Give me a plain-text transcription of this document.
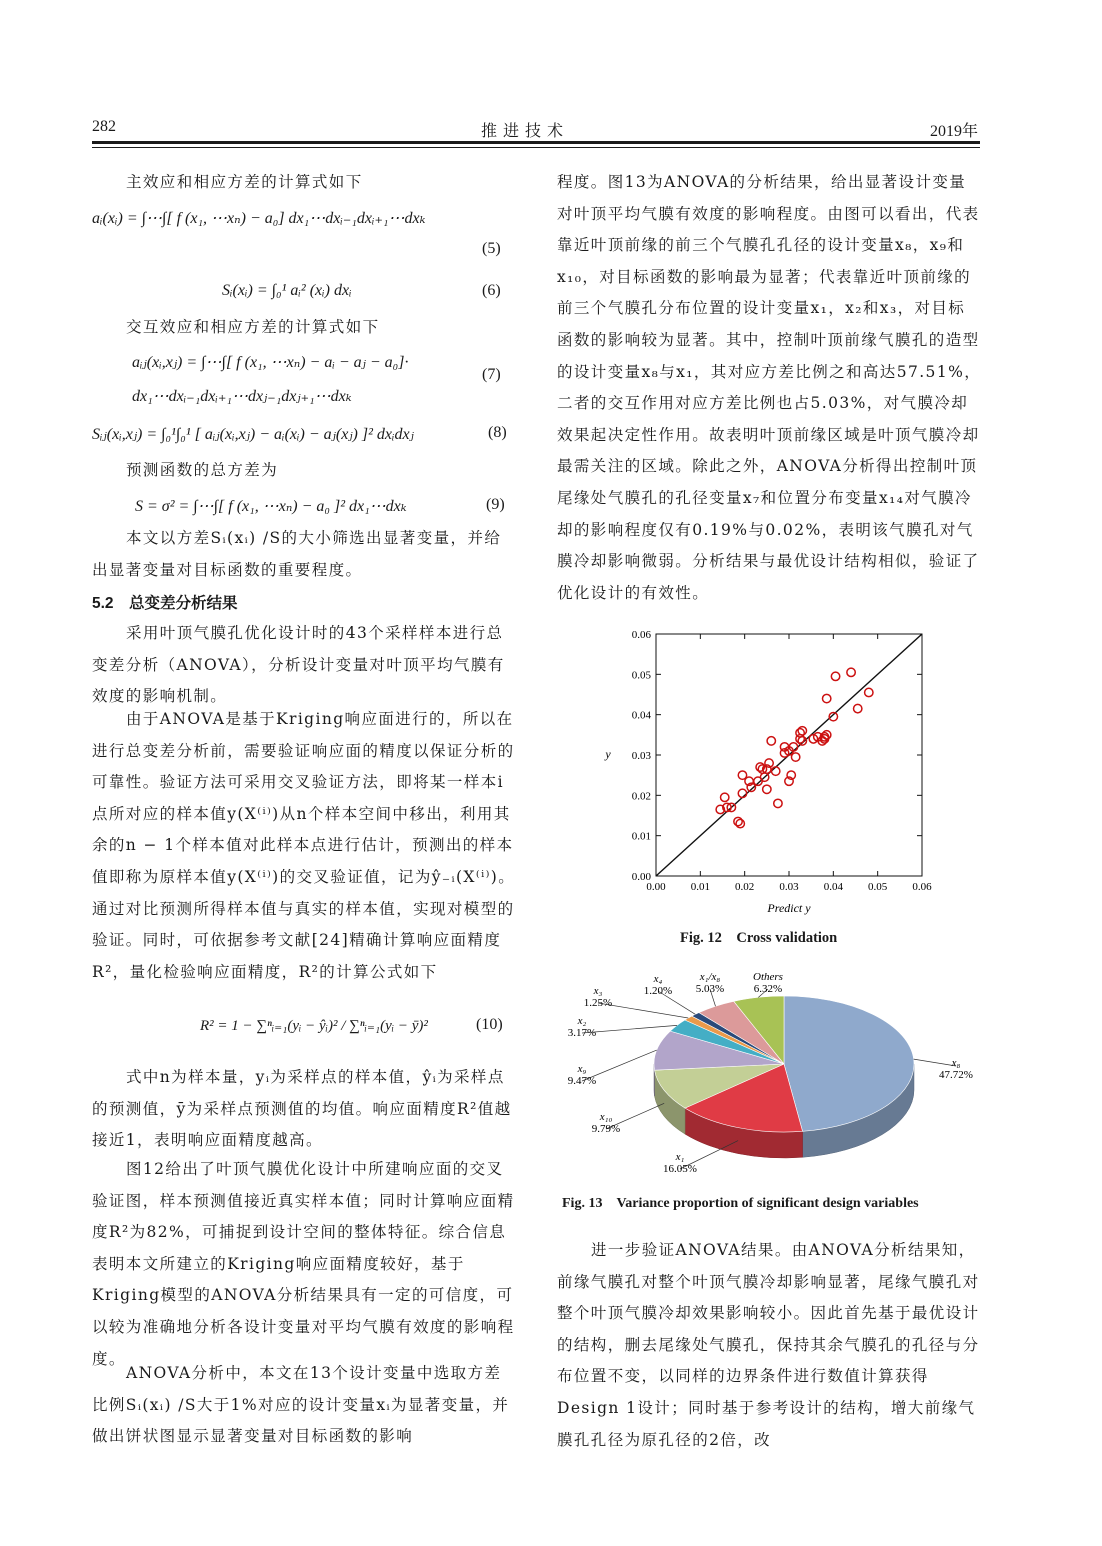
282	推 进 技 术	2019年

主效应和相应方差的计算式如下

aᵢ(xᵢ) = ∫⋯∫[ f (x₁, ⋯xₙ) − a₀] dx₁⋯dxᵢ₋₁dxᵢ₊₁⋯dxₖ
(5)
Sᵢ(xᵢ) = ∫₀¹ aᵢ² (xᵢ) dxᵢ	(6)

交互效应和相应方差的计算式如下

aᵢⱼ(xᵢ,xⱼ) = ∫⋯∫[ f (x₁, ⋯xₙ) − aᵢ − aⱼ − a₀]·
dx₁⋯dxᵢ₋₁dxᵢ₊₁⋯dxⱼ₋₁dxⱼ₊₁⋯dxₖ
(7)
Sᵢⱼ(xᵢ,xⱼ) = ∫₀¹∫₀¹ [ aᵢⱼ(xᵢ,xⱼ) − aᵢ(xᵢ) − aⱼ(xⱼ) ]² dxᵢdxⱼ	(8)

预测函数的总方差为

S = σ² = ∫⋯∫[ f (x₁, ⋯xₙ) − a₀ ]² dx₁⋯dxₖ	(9)

本文以方差Sᵢ(xᵢ) /S的大小筛选出显著变量，并给出显著变量对目标函数的重要程度。

5.2　总变差分析结果

采用叶顶气膜孔优化设计时的43个采样样本进行总变差分析（ANOVA），分析设计变量对叶顶平均气膜有效度的影响机制。

由于ANOVA是基于Kriging响应面进行的，所以在进行总变差分析前，需要验证响应面的精度以保证分析的可靠性。验证方法可采用交叉验证方法，即将某一样本i点所对应的样本值y(X⁽ⁱ⁾)从n个样本空间中移出，利用其余的n − 1个样本值对此样本点进行估计，预测出的样本值即称为原样本值y(X⁽ⁱ⁾)的交叉验证值，记为ŷ₋ᵢ(X⁽ⁱ⁾)。通过对比预测所得样本值与真实的样本值，实现对模型的验证。同时，可依据参考文献[24]精确计算响应面精度R²，量化检验响应面精度，R²的计算公式如下

R² = 1 − ∑ⁿᵢ₌₁(yᵢ − ŷᵢ)² / ∑ⁿᵢ₌₁(yᵢ − ȳ)²	(10)

式中n为样本量，yᵢ为采样点的样本值，ŷᵢ为采样点的预测值，ȳ为采样点预测值的均值。响应面精度R²值越接近1，表明响应面精度越高。

图12给出了叶顶气膜优化设计中所建响应面的交叉验证图，样本预测值接近真实样本值；同时计算响应面精度R²为82%，可捕捉到设计空间的整体特征。综合信息表明本文所建立的Kriging响应面精度较好，基于Kriging模型的ANOVA分析结果具有一定的可信度，可以较为准确地分析各设计变量对平均气膜有效度的影响程度。

ANOVA分析中，本文在13个设计变量中选取方差比例Sᵢ(xᵢ) /S大于1%对应的设计变量xᵢ为显著变量，并做出饼状图显示显著变量对目标函数的影响

程度。图13为ANOVA的分析结果，给出显著设计变量对叶顶平均气膜有效度的影响程度。由图可以看出，代表靠近叶顶前缘的前三个气膜孔孔径的设计变量x₈，x₉和x₁₀，对目标函数的影响最为显著；代表靠近叶顶前缘的前三个气膜孔分布位置的设计变量x₁，x₂和x₃，对目标函数的影响较为显著。其中，控制叶顶前缘气膜孔的造型的设计变量x₈与x₁，其对应方差比例之和高达57.51%，二者的交互作用对应方差比例也占5.03%，对气膜冷却效果起决定性作用。故表明叶顶前缘区域是叶顶气膜冷却最需关注的区域。除此之外，ANOVA分析得出控制叶顶尾缘处气膜孔的孔径变量x₇和位置分布变量x₁₄对气膜冷却的影响程度仅有0.19%与0.02%，表明该气膜孔对气膜冷却影响微弱。分析结果与最优设计结构相似，验证了优化设计的有效性。

0.00 0.01 0.02 0.03 0.04 0.05 0.06
0.00
0.01
0.02
0.03
0.04
0.05
0.06
Predict y
y
Fig. 12　Cross validation
x₈
47.72%
x₁
16.05%
x₁₀
9.79%
x₉
9.47%
x₂
3.17%
x₃
1.25%
x₄
1.20%
x₁/x₈
5.03%
Others
6.32%
Fig. 13　Variance proportion of significant design variables

进一步验证ANOVA结果。由ANOVA分析结果知，前缘气膜孔对整个叶顶气膜冷却影响显著，尾缘气膜孔对整个叶顶气膜冷却效果影响较小。因此首先基于最优设计的结构，删去尾缘处气膜孔，保持其余气膜孔的孔径与分布位置不变，以同样的边界条件进行数值计算获得Design 1设计；同时基于参考设计的结构，增大前缘气膜孔孔径为原孔径的2倍，改
